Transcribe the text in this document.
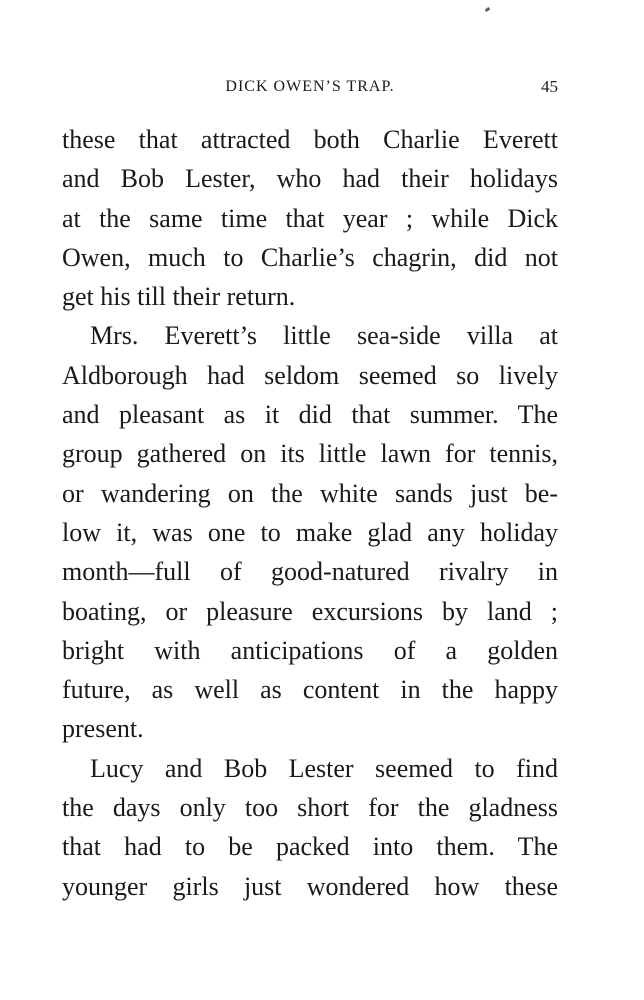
DICK OWEN’S TRAP.	45
these that attracted both Charlie Everett
and Bob Lester, who had their holidays
at the same time that year ; while Dick
Owen, much to Charlie’s chagrin, did not
get his till their return.
Mrs. Everett’s little sea-side villa at
Aldborough had seldom seemed so lively
and pleasant as it did that summer. The
group gathered on its little lawn for tennis,
or wandering on the white sands just be-
low it, was one to make glad any holiday
month—full of good-natured rivalry in
boating, or pleasure excursions by land ;
bright with anticipations of a golden
future, as well as content in the happy
present.
Lucy and Bob Lester seemed to find
the days only too short for the gladness
that had to be packed into them. The
younger girls just wondered how these
